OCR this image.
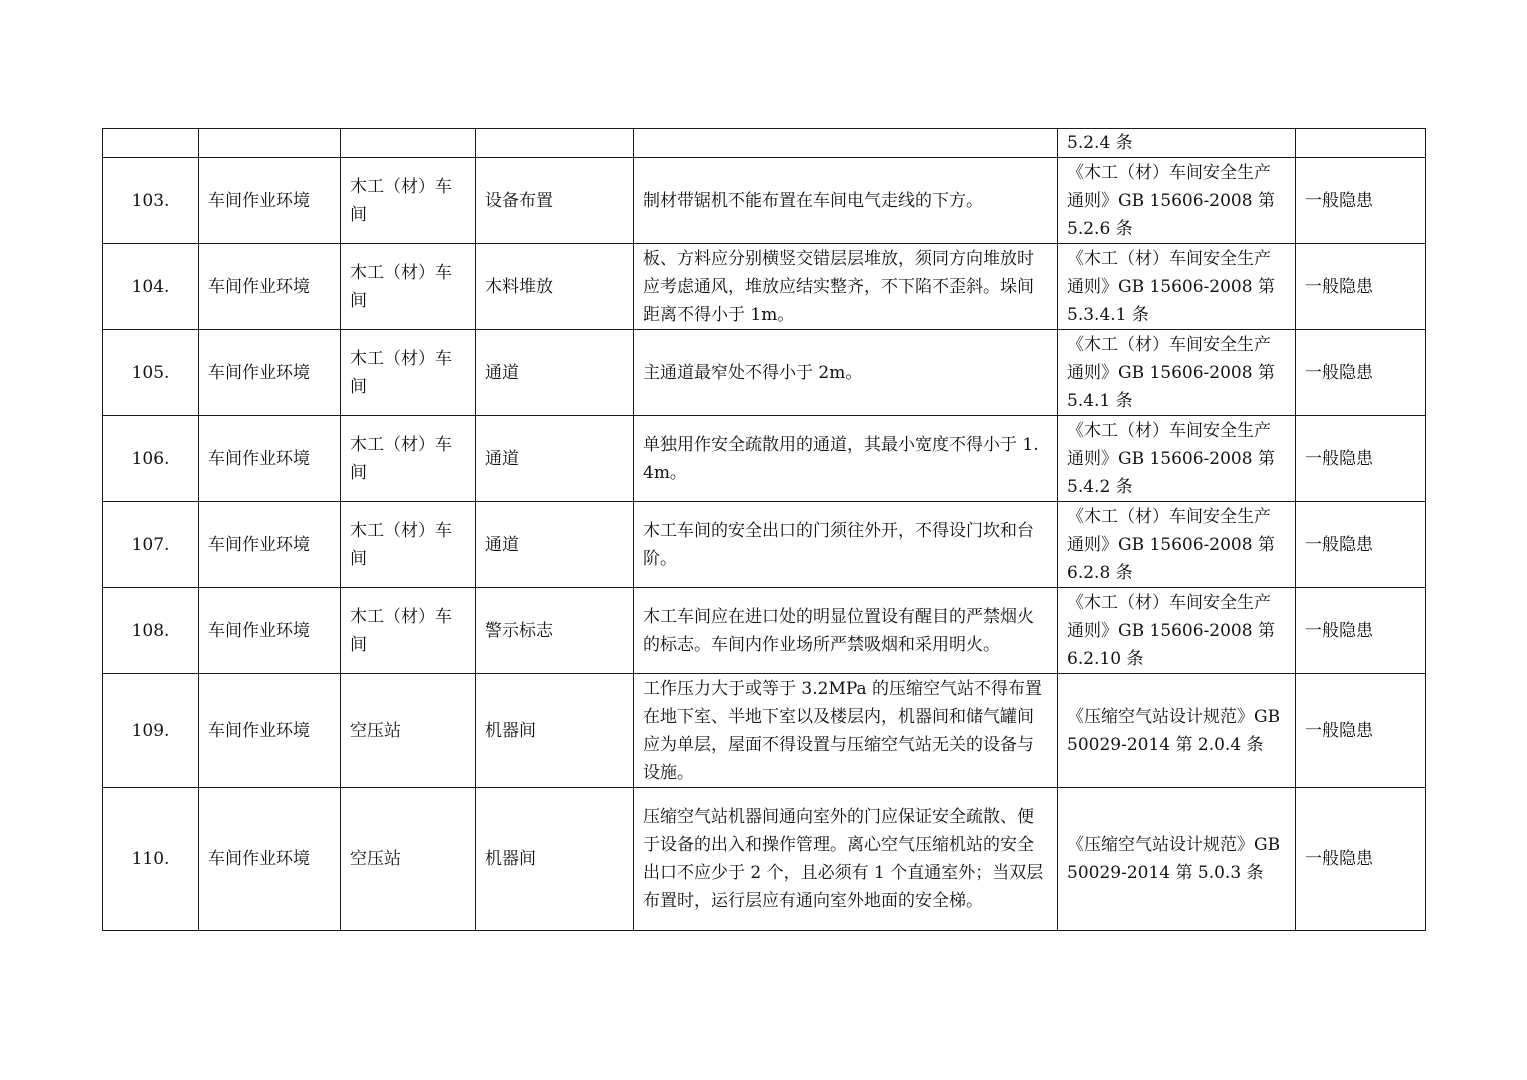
					5.2.4 条	
103.	车间作业环境	木工（材）车间	设备布置	制材带锯机不能布置在车间电气走线的下方。	《木工（材）车间安全生产通则》GB 15606-2008 第 5.2.6 条	一般隐患
104.	车间作业环境	木工（材）车间	木料堆放	板、方料应分别横竖交错层层堆放，须同方向堆放时应考虑通风，堆放应结实整齐，不下陷不歪斜。垛间距离不得小于 1m。	《木工（材）车间安全生产通则》GB 15606-2008 第 5.3.4.1 条	一般隐患
105.	车间作业环境	木工（材）车间	通道	主通道最窄处不得小于 2m。	《木工（材）车间安全生产通则》GB 15606-2008 第 5.4.1 条	一般隐患
106.	车间作业环境	木工（材）车间	通道	单独用作安全疏散用的通道，其最小宽度不得小于 1.4m。	《木工（材）车间安全生产通则》GB 15606-2008 第 5.4.2 条	一般隐患
107.	车间作业环境	木工（材）车间	通道	木工车间的安全出口的门须往外开，不得设门坎和台阶。	《木工（材）车间安全生产通则》GB 15606-2008 第 6.2.8 条	一般隐患
108.	车间作业环境	木工（材）车间	警示标志	木工车间应在进口处的明显位置设有醒目的严禁烟火的标志。车间内作业场所严禁吸烟和采用明火。	《木工（材）车间安全生产通则》GB 15606-2008 第 6.2.10 条	一般隐患
109.	车间作业环境	空压站	机器间	工作压力大于或等于 3.2MPa 的压缩空气站不得布置在地下室、半地下室以及楼层内，机器间和储气罐间应为单层，屋面不得设置与压缩空气站无关的设备与设施。	《压缩空气站设计规范》GB50029-2014 第 2.0.4 条	一般隐患
110.	车间作业环境	空压站	机器间	压缩空气站机器间通向室外的门应保证安全疏散、便于设备的出入和操作管理。离心空气压缩机站的安全出口不应少于 2 个，且必须有 1 个直通室外；当双层布置时，运行层应有通向室外地面的安全梯。	《压缩空气站设计规范》GB 50029-2014 第 5.0.3 条	一般隐患
